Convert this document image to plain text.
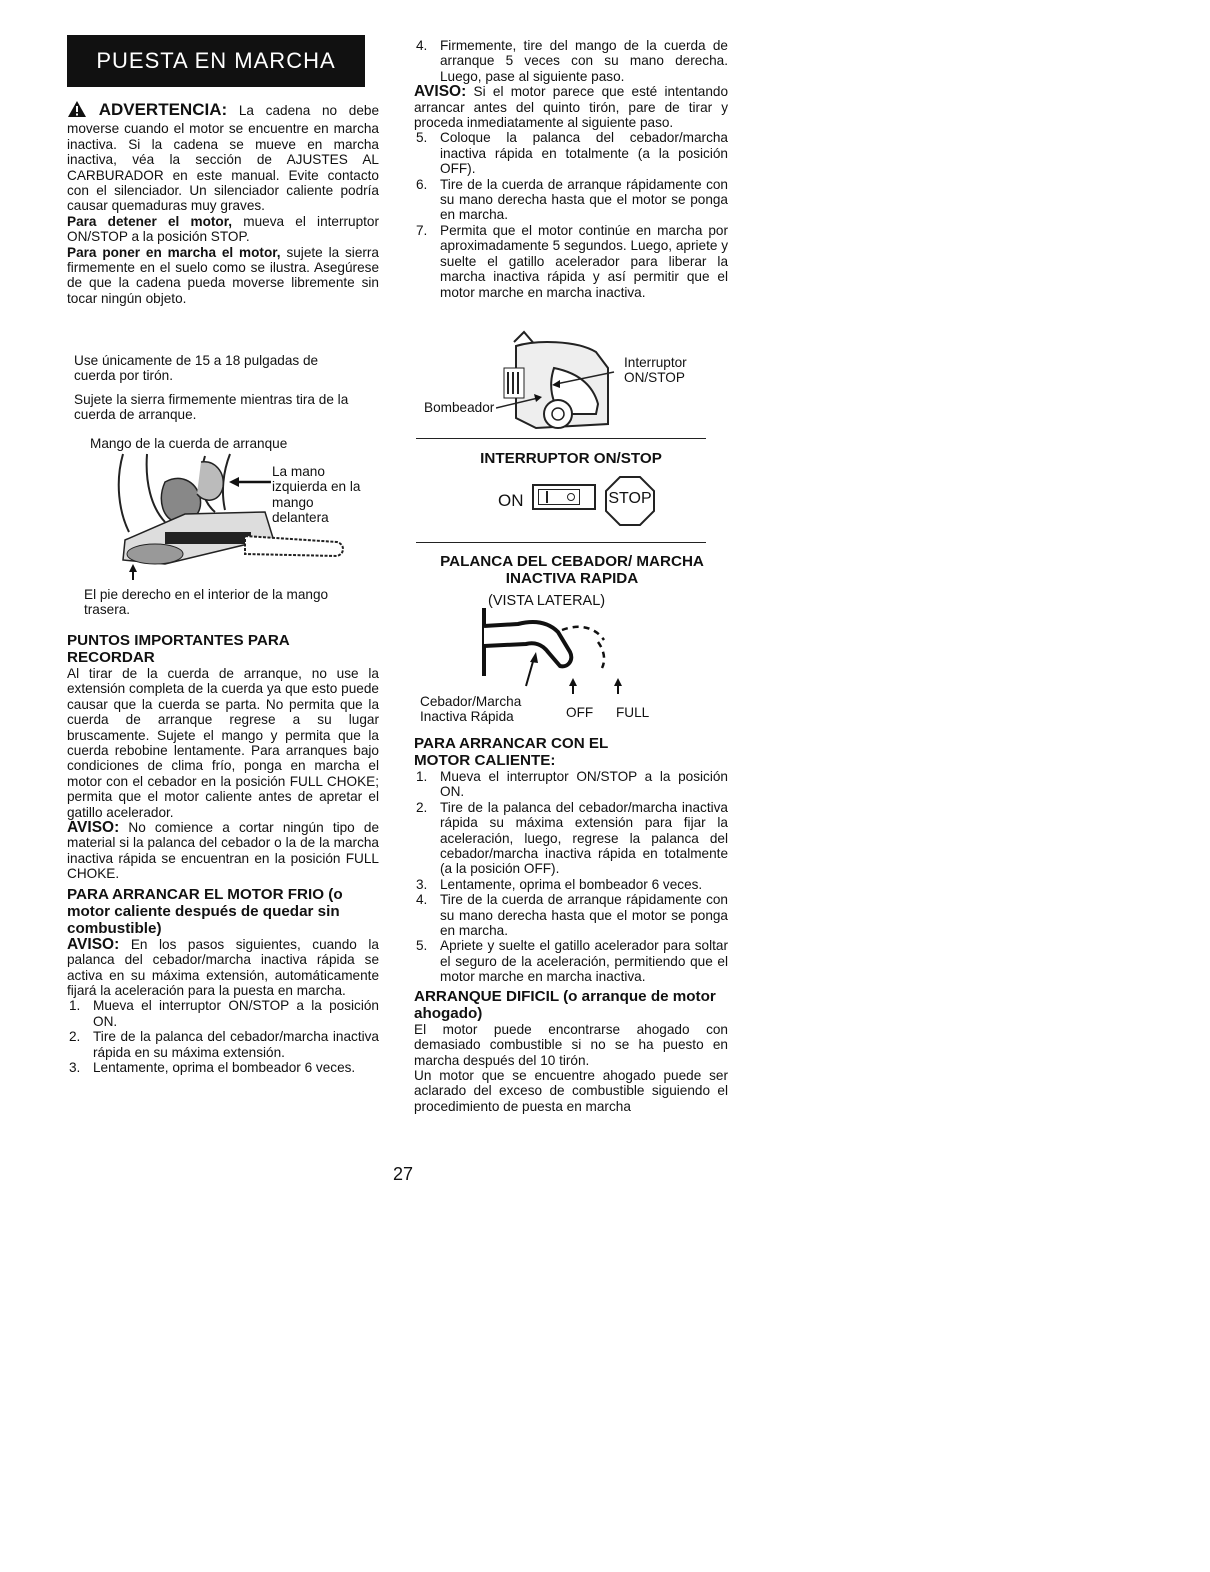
PUESTA EN MARCHA

ADVERTENCIA: La cadena no debe moverse cuando el motor se encuentre en marcha inactiva. Si la cadena se mueve en marcha inactiva, véa la sección de AJUSTES AL CARBURADOR en este manual. Evite contacto con el silenciador. Un silenciador caliente podría causar quemaduras muy graves.

Para detener el motor, mueva el interruptor ON/STOP a la posición STOP.

Para poner en marcha el motor, sujete la sierra firmemente en el suelo como se ilustra. Asegúrese de que la cadena pueda moverse libremente sin tocar ningún objeto.

Use únicamente de 15 a 18 pulgadas de cuerda por tirón.
Sujete la sierra firmemente mientras tira de la cuerda de arranque.
Mango de la cuerda de arranque
La mano izquierda en la mango delantera
El pie derecho en el interior de la mango trasera.

PUNTOS IMPORTANTES PARA RECORDAR

Al tirar de la cuerda de arranque, no use la extensión completa de la cuerda ya que esto puede causar que la cuerda se parta. No permita que la cuerda de arranque regrese a su lugar bruscamente. Sujete el mango y permita que la cuerda rebobine lentamente. Para arranques bajo condiciones de clima frío, ponga en marcha el motor con el cebador en la posición FULL CHOKE; permita que el motor caliente antes de apretar el gatillo acelerador.

AVISO: No comience a cortar ningún tipo de material si la palanca del cebador o la de la marcha inactiva rápida se encuentran en la posición FULL CHOKE.

PARA ARRANCAR EL MOTOR FRIO (o motor caliente después de quedar sin combustible)

AVISO: En los pasos siguientes, cuando la palanca del cebador/marcha inactiva rápida se activa en su máxima extensión, automáticamente fijará la aceleración para la puesta en marcha.

1. Mueva el interruptor ON/STOP a la posición ON.
2. Tire de la palanca del cebador/marcha inactiva rápida en su máxima extensión.
3. Lentamente, oprima el bombeador 6 veces.
4. Firmemente, tire del mango de la cuerda de arranque 5 veces con su mano derecha. Luego, pase al siguiente paso.

AVISO: Si el motor parece que esté intentando arrancar antes del quinto tirón, pare de tirar y proceda inmediatamente al siguiente paso.

5. Coloque la palanca del cebador/marcha inactiva rápida en totalmente (a la posición OFF).
6. Tire de la cuerda de arranque rápidamente con su mano derecha hasta que el motor se ponga en marcha.
7. Permita que el motor continúe en marcha por aproximadamente 5 segundos. Luego, apriete y suelte el gatillo acelerador para liberar la marcha inactiva rápida y así permitir que el motor marche en marcha inactiva.
Interruptor ON/STOP
Bombeador
INTERRUPTOR ON/STOP
ON	STOP
PALANCA DEL CEBADOR/ MARCHA INACTIVA RAPIDA
(VISTA LATERAL)
Cebador/Marcha Inactiva Rápida	OFF FULL

PARA ARRANCAR CON EL MOTOR CALIENTE:

1. Mueva el interruptor ON/STOP a la posición ON.
2. Tire de la palanca del cebador/marcha inactiva rápida su máxima extensión para fijar la aceleración, luego, regrese la palanca del cebador/marcha inactiva rápida en totalmente (a la posición OFF).
3. Lentamente, oprima el bombeador 6 veces.
4. Tire de la cuerda de arranque rápidamente con su mano derecha hasta que el motor se ponga en marcha.
5. Apriete y suelte el gatillo acelerador para soltar el seguro de la aceleración, permitiendo que el motor marche en marcha inactiva.

ARRANQUE DIFICIL (o arranque de motor ahogado)

El motor puede encontrarse ahogado con demasiado combustible si no se ha puesto en marcha después del 10 tirón.

Un motor que se encuentre ahogado puede ser aclarado del exceso de combustible siguiendo el procedimiento de puesta en marcha

27
